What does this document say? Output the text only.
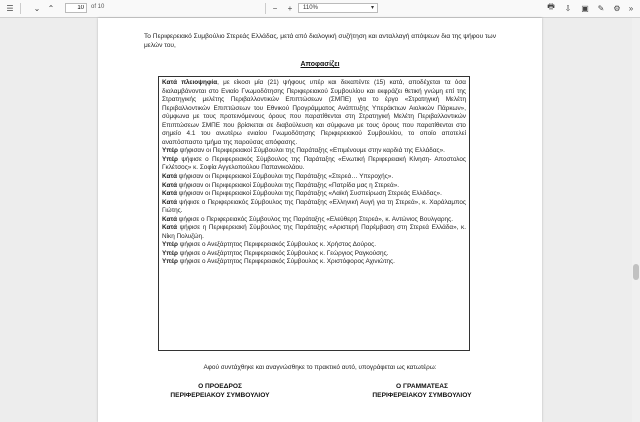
☰	⌄ ⌃
10	of 10	−	+	110%	▾	🖶 ⇩ ▣ ✎ ⚙	»
Το Περιφερειακό Συμβούλιο Στερεάς Ελλάδας, μετά από διαλογική συζήτηση και ανταλλαγή απόψεων δια της ψήφου των μελών του,
Αποφασίζει

Κατά πλειοψηφία, με είκοσι μία (21) ψήφους υπέρ και δεκαπέντε (15) κατά, αποδέχεται τα όσα διαλαμβάνονται στο Ενιαίο Γνωμοδότησης Περιφερειακού Συμβουλίου και εκφράζει θετική γνώμη επί της Στρατηγικής μελέτης Περιβαλλοντικών Επιπτώσεων (ΣΜΠΕ) για το έργο «Στρατηγική Μελέτη Περιβαλλοντικών Επιπτώσεων του Εθνικού Προγράμματος Ανάπτυξης Υπεράκτιων Αιολικών Πάρκων», σύμφωνα με τους προτεινόμενους όρους που παρατίθενται στη Στρατηγική Μελέτη Περιβαλλοντικών Επιπτώσεων ΣΜΠΕ που βρίσκεται σε διαβούλευση και σύμφωνα με τους όρους που παρατίθενται στο σημείο 4.1 του ανωτέρω ενιαίου Γνωμοδότησης Περιφερειακού Συμβουλίου, το οποίο αποτελεί αναπόσπαστο τμήμα της παρούσας απόφασης.

Υπέρ ψήφισαν οι Περιφερειακοί Σύμβουλοι της Παράταξης «Επιμένουμε στην καρδιά της Ελλάδας».

Υπέρ ψήφισε ο Περιφερειακός Σύμβουλος της Παράταξης «Ενωτική Περιφερειακή Κίνηση- Αποστολος Γκλέτσος» κ. Σοφία Αγγελοπούλου Παπανικολάου.

Κατά ψήφισαν οι Περιφερειακοί Σύμβουλοι της Παράταξης «Στερεά… Υπεροχής».

Κατά ψήφισαν οι Περιφερειακοί Σύμβουλοι της Παράταξης «Πατρίδα μας η Στερεά».

Κατά ψήφισαν οι Περιφερειακοί Σύμβουλοι της Παράταξης «Λαϊκή Συσπείρωση Στερεάς Ελλάδας».

Κατά ψήφισε ο Περιφερειακός Σύμβουλος της Παράταξης «Ελληνική Αυγή για τη Στερεά», κ. Χαράλαμπος Γιώτης.

Κατά ψήφισε ο Περιφερειακός Σύμβουλος της Παράταξης «Ελεύθερη Στερεά», κ. Αντώνιος Βουλγαρης.

Κατά ψήφισε η Περιφερειακή Σύμβουλος της Παράταξης «Αριστερή Παρέμβαση στη Στερεά Ελλάδα», κ. Νίκη Πολυζώη.

Υπέρ ψήφισε ο Ανεξάρτητος Περιφερειακός Σύμβουλος κ. Χρήστος Δούρος.

Υπέρ ψήφισε ο Ανεξάρτητος Περιφερειακός Σύμβουλος κ. Γεώργιος Ραγκούσης.

Υπέρ ψήφισε ο Ανεξάρτητος Περιφερειακός Σύμβουλος κ. Χριστόφορος Αχινιώτης.

Αφού συντάχθηκε και αναγνώσθηκε το πρακτικό αυτό, υπογράφεται ως κατωτέρω:
Ο ΠΡΟΕΔΡΟΣ
ΠΕΡΙΦΕΡΕΙΑΚΟΥ ΣΥΜΒΟΥΛΙΟΥ
Ο ΓΡΑΜΜΑΤΕΑΣ
ΠΕΡΙΦΕΡΕΙΑΚΟΥ ΣΥΜΒΟΥΛΙΟΥ
